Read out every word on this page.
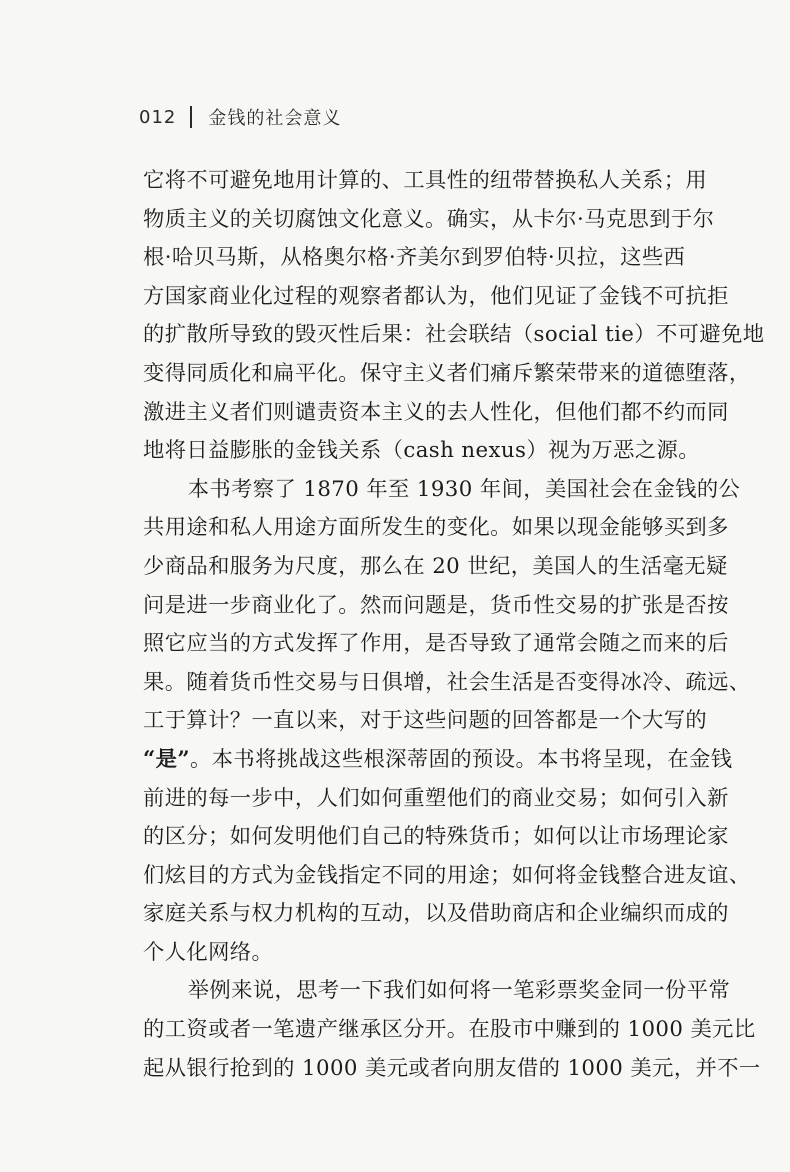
012 金钱的社会意义

它将不可避免地用计算的、工具性的纽带替换私人关系；用
物质主义的关切腐蚀文化意义。确实，从卡尔·马克思到于尔
根·哈贝马斯，从格奥尔格·齐美尔到罗伯特·贝拉，这些西
方国家商业化过程的观察者都认为，他们见证了金钱不可抗拒
的扩散所导致的毁灭性后果：社会联结（social tie）不可避免地
变得同质化和扁平化。保守主义者们痛斥繁荣带来的道德堕落，
激进主义者们则谴责资本主义的去人性化，但他们都不约而同
地将日益膨胀的金钱关系（cash nexus）视为万恶之源。

本书考察了 1870 年至 1930 年间，美国社会在金钱的公
共用途和私人用途方面所发生的变化。如果以现金能够买到多
少商品和服务为尺度，那么在 20 世纪，美国人的生活毫无疑
问是进一步商业化了。然而问题是，货币性交易的扩张是否按
照它应当的方式发挥了作用，是否导致了通常会随之而来的后
果。随着货币性交易与日俱增，社会生活是否变得冰冷、疏远、
工于算计？一直以来，对于这些问题的回答都是一个大写的
“是”。本书将挑战这些根深蒂固的预设。本书将呈现，在金钱
前进的每一步中，人们如何重塑他们的商业交易；如何引入新
的区分；如何发明他们自己的特殊货币；如何以让市场理论家
们炫目的方式为金钱指定不同的用途；如何将金钱整合进友谊、
家庭关系与权力机构的互动，以及借助商店和企业编织而成的
个人化网络。

举例来说，思考一下我们如何将一笔彩票奖金同一份平常
的工资或者一笔遗产继承区分开。在股市中赚到的 1000 美元比
起从银行抢到的 1000 美元或者向朋友借的 1000 美元，并不一
